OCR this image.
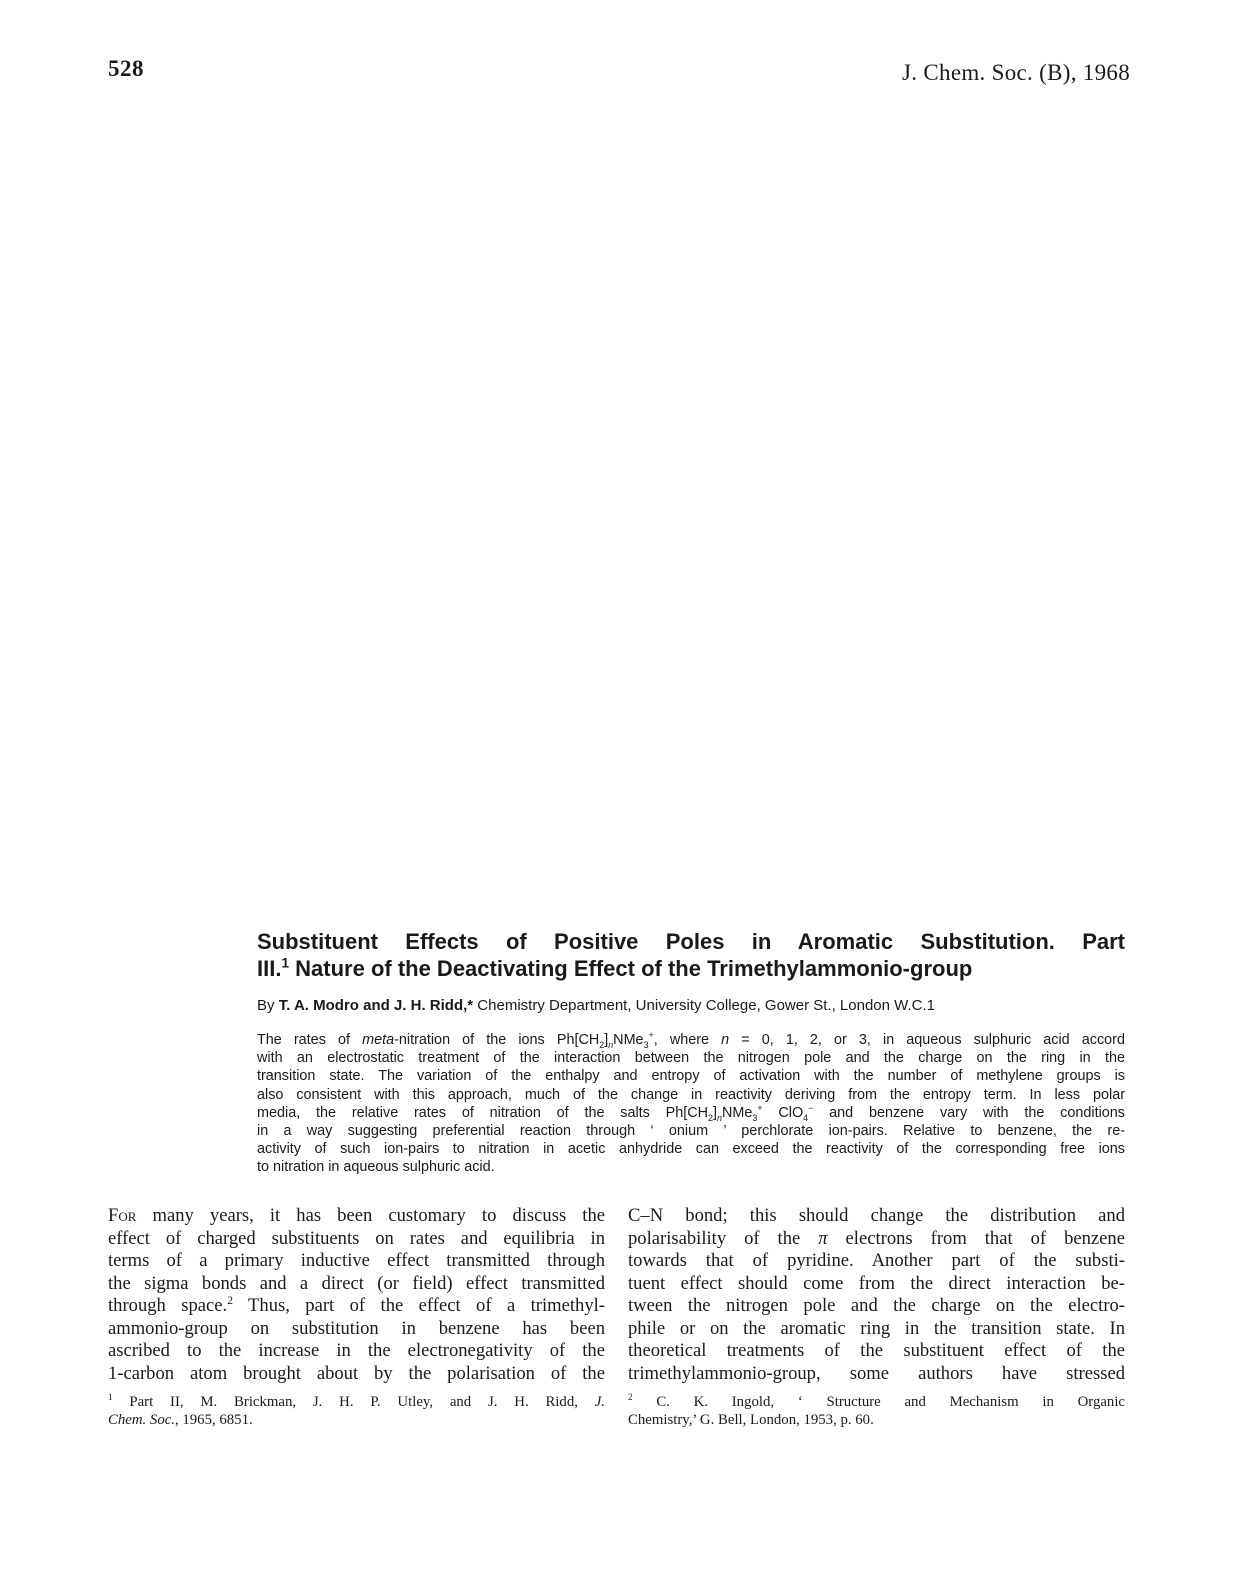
528	J. Chem. Soc. (B), 1968
Substituent Effects of Positive Poles in Aromatic Substitution. Part
III.$^1$ Nature of the Deactivating Effect of the Trimethylammonio-group
By T. A. Modro and J. H. Ridd,* Chemistry Department, University College, Gower St., London W.C.1
The rates of meta-nitration of the ions $Ph[CH_2]_nNMe_3^+$, where n = 0, 1, 2, or 3, in aqueous sulphuric acid accord
with an electrostatic treatment of the interaction between the nitrogen pole and the charge on the ring in the
transition state. The variation of the enthalpy and entropy of activation with the number of methylene groups is
also consistent with this approach, much of the change in reactivity deriving from the entropy term. In less polar
media, the relative rates of nitration of the salts $Ph[CH_2]_nNMe_3^+$ ClO$_4$− and benzene vary with the conditions
in a way suggesting preferential reaction through ‘ onium ’ perchlorate ion-pairs. Relative to benzene, the re-
activity of such ion-pairs to nitration in acetic anhydride can exceed the reactivity of the corresponding free ions
to nitration in aqueous sulphuric acid.
For many years, it has been customary to discuss the
effect of charged substituents on rates and equilibria in
terms of a primary inductive effect transmitted through
the sigma bonds and a direct (or field) effect transmitted
through space.$^2$ Thus, part of the effect of a trimethyl-
ammonio-group on substitution in benzene has been
ascribed to the increase in the electronegativity of the
1-carbon atom brought about by the polarisation of the
C–N bond; this should change the distribution and
polarisability of the π electrons from that of benzene
towards that of pyridine. Another part of the substi-
tuent effect should come from the direct interaction be-
tween the nitrogen pole and the charge on the electro-
phile or on the aromatic ring in the transition state. In
theoretical treatments of the substituent effect of the
trimethylammonio-group, some authors have stressed
$^1$ Part II, M. Brickman, J. H. P. Utley, and J. H. Ridd, J.
Chem. Soc., 1965, 6851.
$^2$ C. K. Ingold, ‘ Structure and Mechanism in Organic
Chemistry,’ G. Bell, London, 1953, p. 60.
